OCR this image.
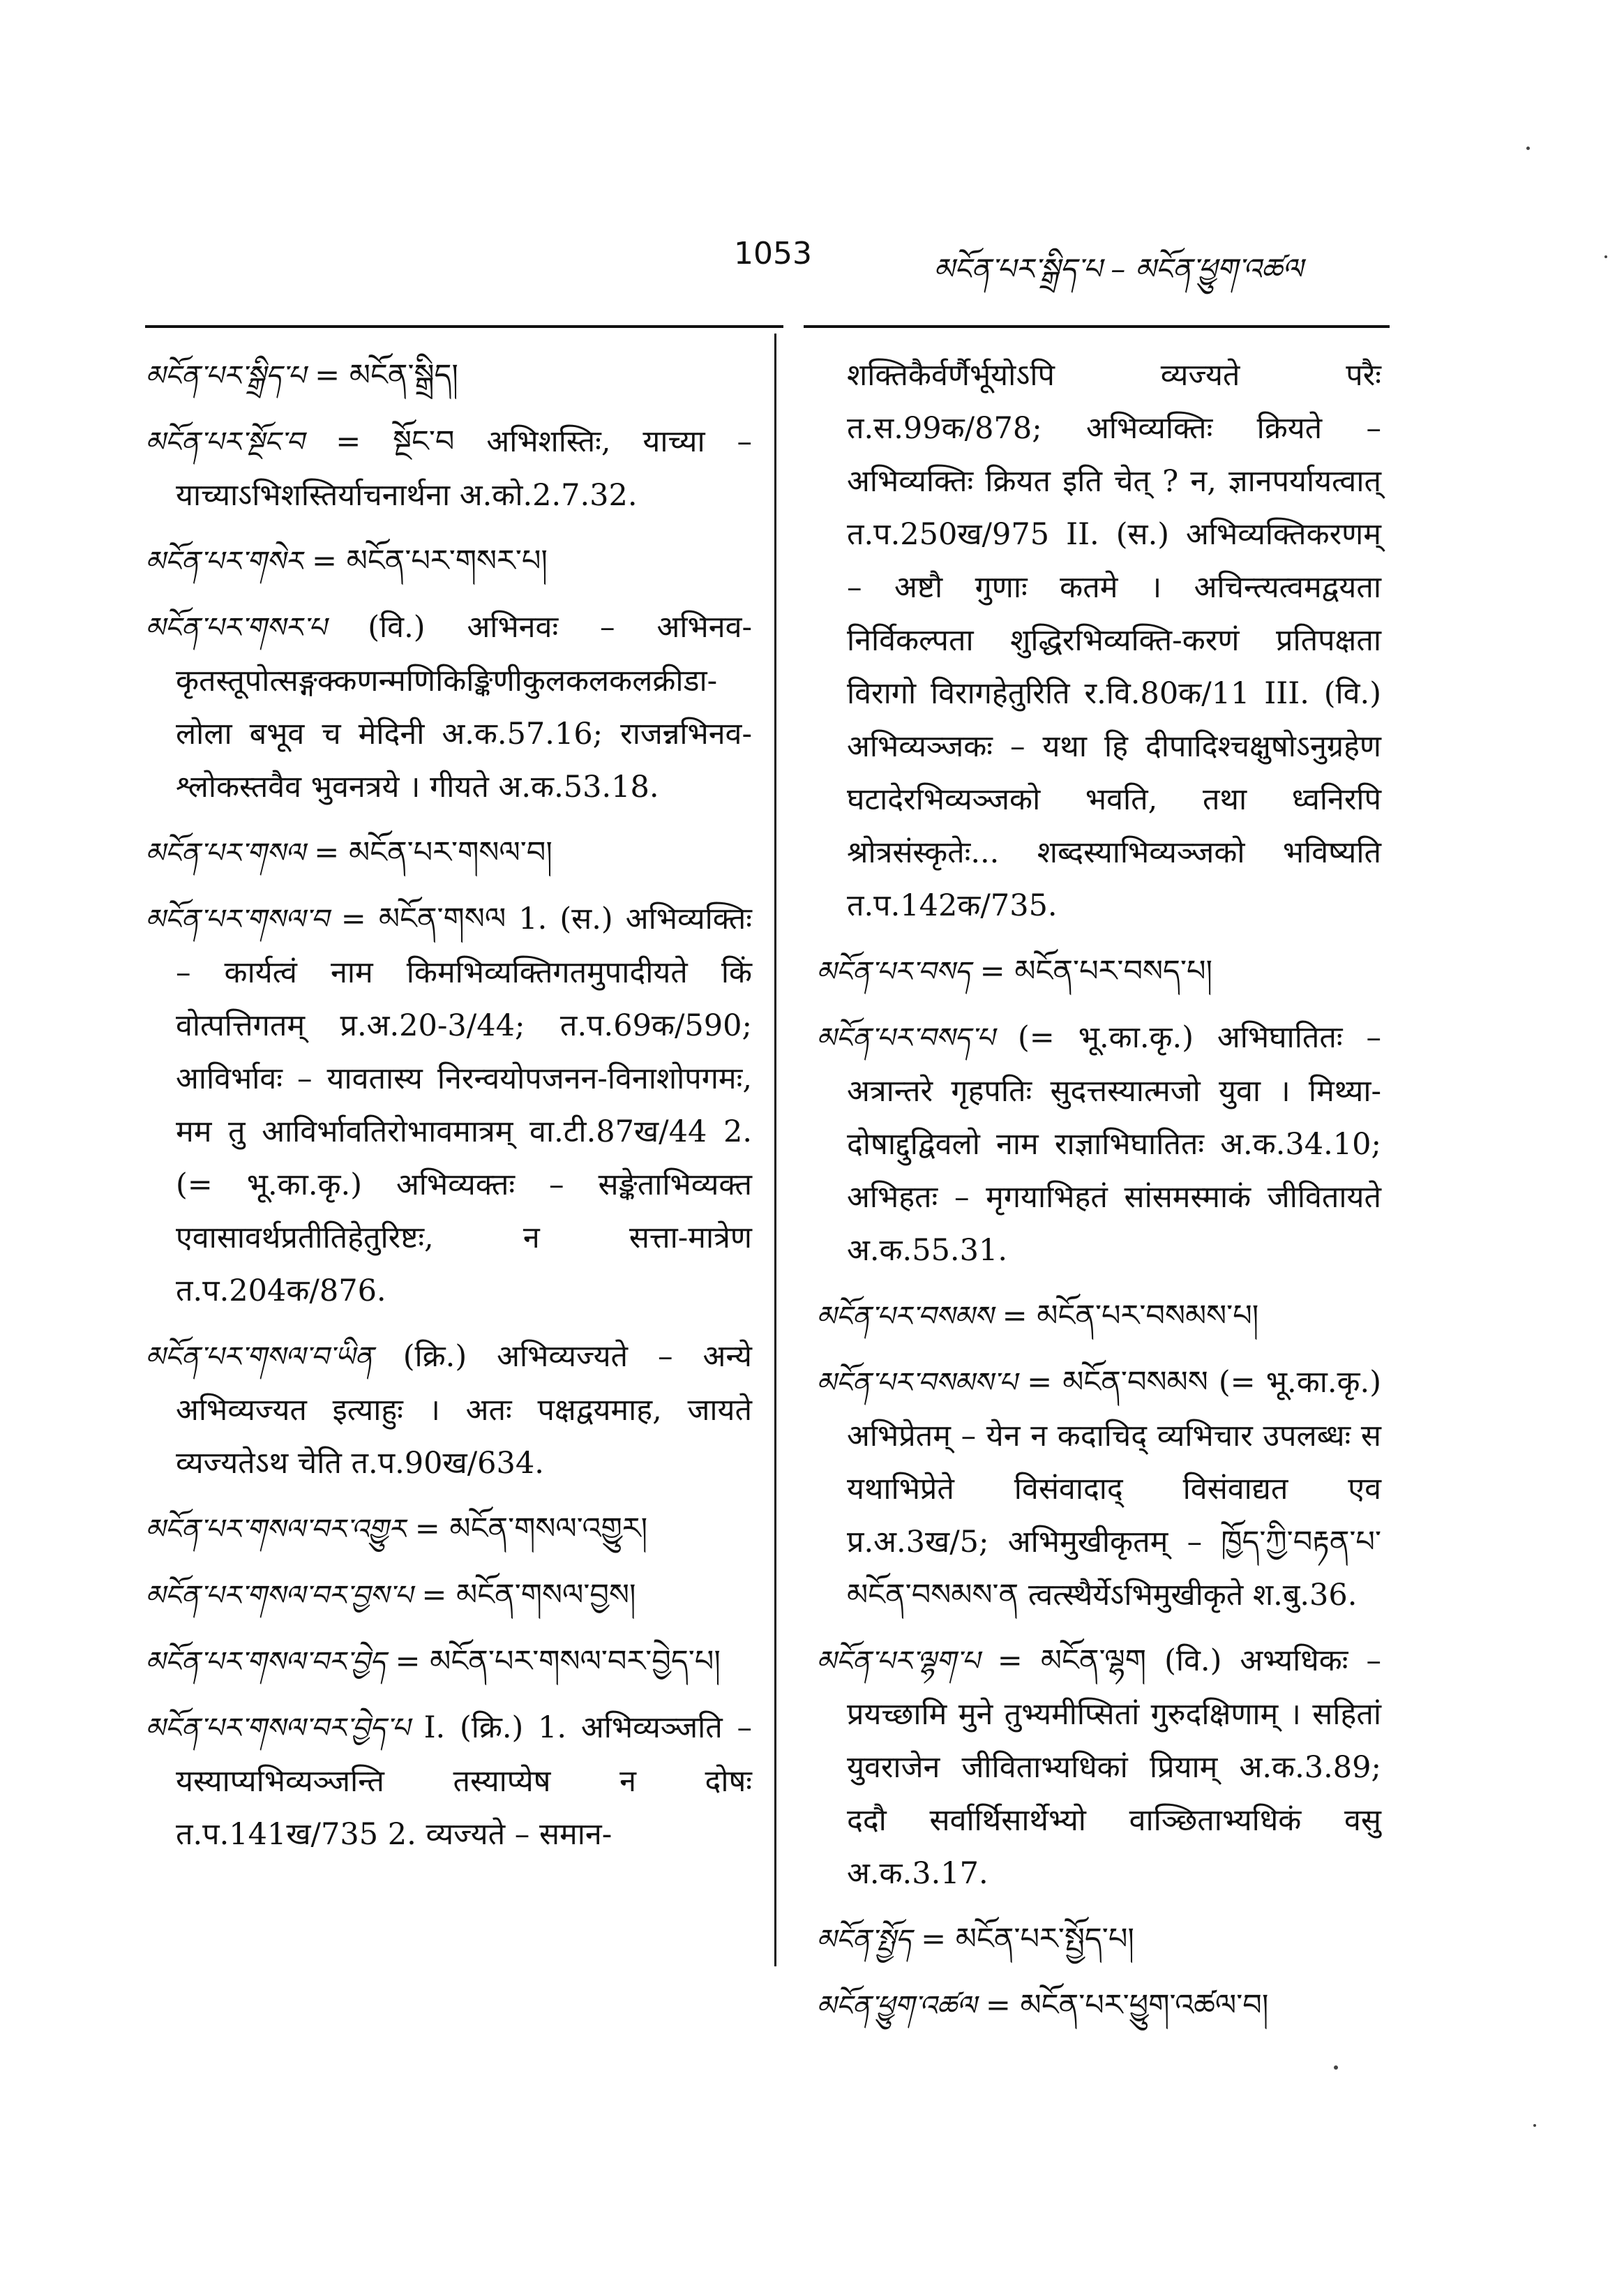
1053	མངོན་པར་སྒྲིད་པ – མངོན་ཕྱུག་འཚལ
མངོན་པར་སྒྲིད་པ = མངོན་སྒྲིད།
མངོན་པར་སྔོང་བ = སྔོང་བ अभिशस्तिः, याच्या – याच्याऽभिशस्तिर्याचनार्थना अ.को.2.7.32.
མངོན་པར་གསེར = མངོན་པར་གསར་པ།
མངོན་པར་གསར་པ (वि.) अभिनवः – अभिनव-कृतस्तूपोत्सङ्गक्कणन्मणिकिङ्किणीकुलकलकलक्रीडा-लोला बभूव च मेदिनी अ.क.57.16; राजन्नभिनव-श्लोकस्तवैव भुवनत्रये । गीयते अ.क.53.18.
མངོན་པར་གསལ = མངོན་པར་གསལ་བ།
མངོན་པར་གསལ་བ = མངོན་གསལ 1. (स.) अभिव्यक्तिः – कार्यत्वं नाम किमभिव्यक्तिगतमुपादीयते किं वोत्पत्तिगतम् प्र.अ.20-3/44; त.प.69क/590; आविर्भावः – यावतास्य निरन्वयोपजनन-विनाशोपगमः, मम तु आविर्भावतिरोभावमात्रम् वा.टी.87ख/44 2. (= भू.का.कृ.) अभिव्यक्तः – सङ्केताभिव्यक्त एवासावर्थप्रतीतिहेतुरिष्टः, न सत्ता-मात्रेण त.प.204क/876.
མངོན་པར་གསལ་བ་ཡིན (क्रि.) अभिव्यज्यते – अन्ये अभिव्यज्यत इत्याहुः । अतः पक्षद्वयमाह, जायते व्यज्यतेऽथ चेति त.प.90ख/634.
མངོན་པར་གསལ་བར་འགྱུར = མངོན་གསལ་འགྱུར།
མངོན་པར་གསལ་བར་བྱས་པ = མངོན་གསལ་བྱས།
མངོན་པར་གསལ་བར་བྱེད = མངོན་པར་གསལ་བར་བྱེད་པ།
མངོན་པར་གསལ་བར་བྱེད་པ I. (क्रि.) 1. अभिव्यञ्जति – यस्याप्यभिव्यञ्जन्ति तस्याप्येष न दोषः त.प.141ख/735 2. व्यज्यते – समान-
शक्तिकैर्वर्णैर्भूयोऽपि व्यज्यते परैः त.स.99क/878; अभिव्यक्तिः क्रियते – अभिव्यक्तिः क्रियत इति चेत् ? न, ज्ञानपर्यायत्वात् त.प.250ख/975 II. (स.) अभिव्यक्तिकरणम् – अष्टौ गुणाः कतमे । अचिन्त्यत्वमद्वयता निर्विकल्पता शुद्धिरभिव्यक्ति-करणं प्रतिपक्षता विरागो विरागहेतुरिति र.वि.80क/11 III. (वि.) अभिव्यञ्जकः – यथा हि दीपादिश्चक्षुषोऽनुग्रहेण घटादेरभिव्यञ्जको भवति, तथा ध्वनिरपि श्रोत्रसंस्कृतेः... शब्दस्याभिव्यञ्जको भविष्यति त.प.142क/735.
མངོན་པར་བསད = མངོན་པར་བསད་པ།
མངོན་པར་བསད་པ (= भू.का.कृ.) अभिघातितः – अत्रान्तरे गृहपतिः सुदत्तस्यात्मजो युवा । मिथ्या-दोषाद्दुद्विवलो नाम राज्ञाभिघातितः अ.क.34.10; अभिहतः – मृगयाभिहतं सांसमस्माकं जीवितायते अ.क.55.31.
མངོན་པར་བསམས = མངོན་པར་བསམས་པ།
མངོན་པར་བསམས་པ = མངོན་བསམས (= भू.का.कृ.) अभिप्रेतम् – येन न कदाचिद् व्यभिचार उपलब्धः स यथाभिप्रेते विसंवादाद् विसंवाद्यत एव प्र.अ.3ख/5; अभिमुखीकृतम् – ཁྱོད་ཀྱི་བརྟན་པ་མངོན་བསམས་ན त्वत्स्थैर्येऽभिमुखीकृते श.बु.36.
མངོན་པར་ལྷག་པ = མངོན་ལྷག (वि.) अभ्यधिकः – प्रयच्छामि मुने तुभ्यमीप्सितां गुरुदक्षिणाम् । सहितां युवराजेन जीविताभ्यधिकां प्रियाम् अ.क.3.89; ददौ सर्वार्थिसार्थेभ्यो वाञ्छिताभ्यधिकं वसु अ.क.3.17.
མངོན་སྤྱོད = མངོན་པར་སྤྱོད་པ།
མངོན་ཕྱུག་འཚལ = མངོན་པར་ཕྱུག་འཚལ་བ།
